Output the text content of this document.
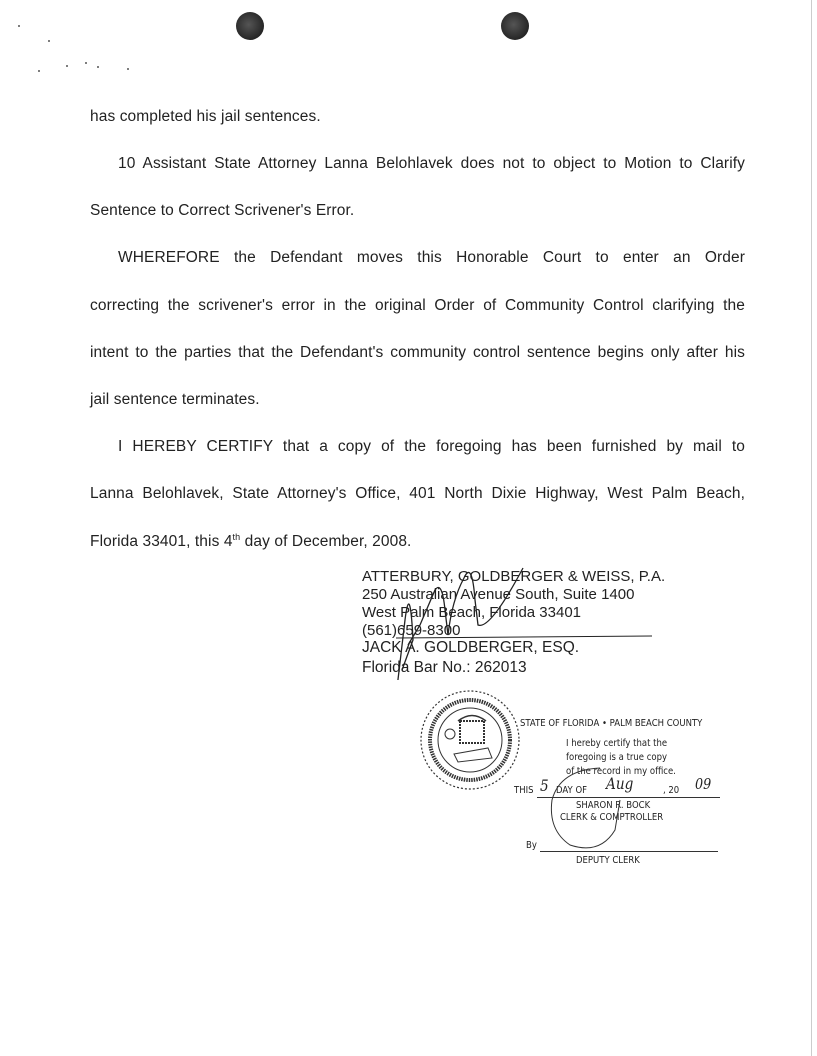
has completed his jail sentences.
10 Assistant State Attorney Lanna Belohlavek does not to object to Motion to Clarify
Sentence to Correct Scrivener's Error.
WHEREFORE the Defendant moves this Honorable Court to enter an Order
correcting the scrivener's error in the original Order of Community Control clarifying the
intent to the parties that the Defendant's community control sentence begins only after his
jail sentence terminates.
I HEREBY CERTIFY that a copy of the foregoing has been furnished by mail to
Lanna Belohlavek, State Attorney's Office, 401 North Dixie Highway, West Palm Beach,
Florida 33401, this 4th day of December, 2008.
ATTERBURY, GOLDBERGER & WEISS, P.A.
250 Australian Avenue South, Suite 1400
West Palm Beach, Florida 33401
(561)659-8300
JACK A. GOLDBERGER, ESQ.
Florida Bar No.: 262013
STATE OF FLORIDA • PALM BEACH COUNTY
I hereby certify that the
foregoing is a true copy
of the record in my office.
THIS 5 DAY OF Aug	, 20 09
SHARON R. BOCK
CLERK & COMPTROLLER
By
DEPUTY CLERK
